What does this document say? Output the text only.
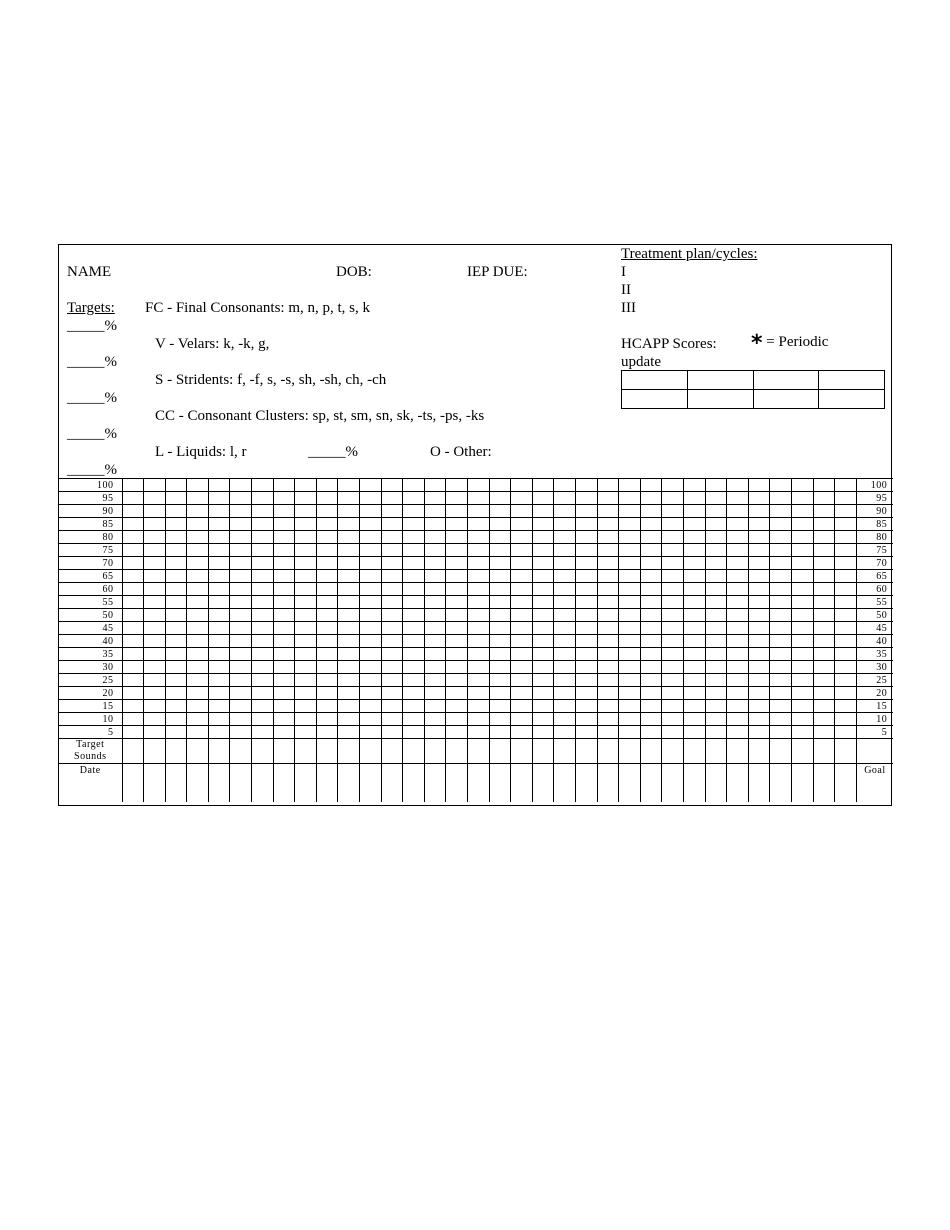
NAME	DOB:	IEP DUE:
Treatment plan/cycles:
I
II
III
HCAPP Scores: * = Periodic
update

Targets: FC - Final Consonants: m, n, p, t, s, k
_____%
V - Velars: k, -k, g,
_____%
S - Stridents: f, -f, s, -s, sh, -sh, ch, -ch
_____%
CC - Consonant Clusters: sp, st, sm, sn, sk, -ts, -ps, -ks
_____%
L - Liquids: l, r	_____%	O - Other:
_____%
100																																			100
95																																			95
90																																			90
85																																			85
80																																			80
75																																			75
70																																			70
65																																			65
60																																			60
55																																			55
50																																			50
45																																			45
40																																			40
35																																			35
30																																			30
25																																			25
20																																			20
15																																			15
10																																			10
5																																			5

Target
Sounds																																			

Date																																			Goal
